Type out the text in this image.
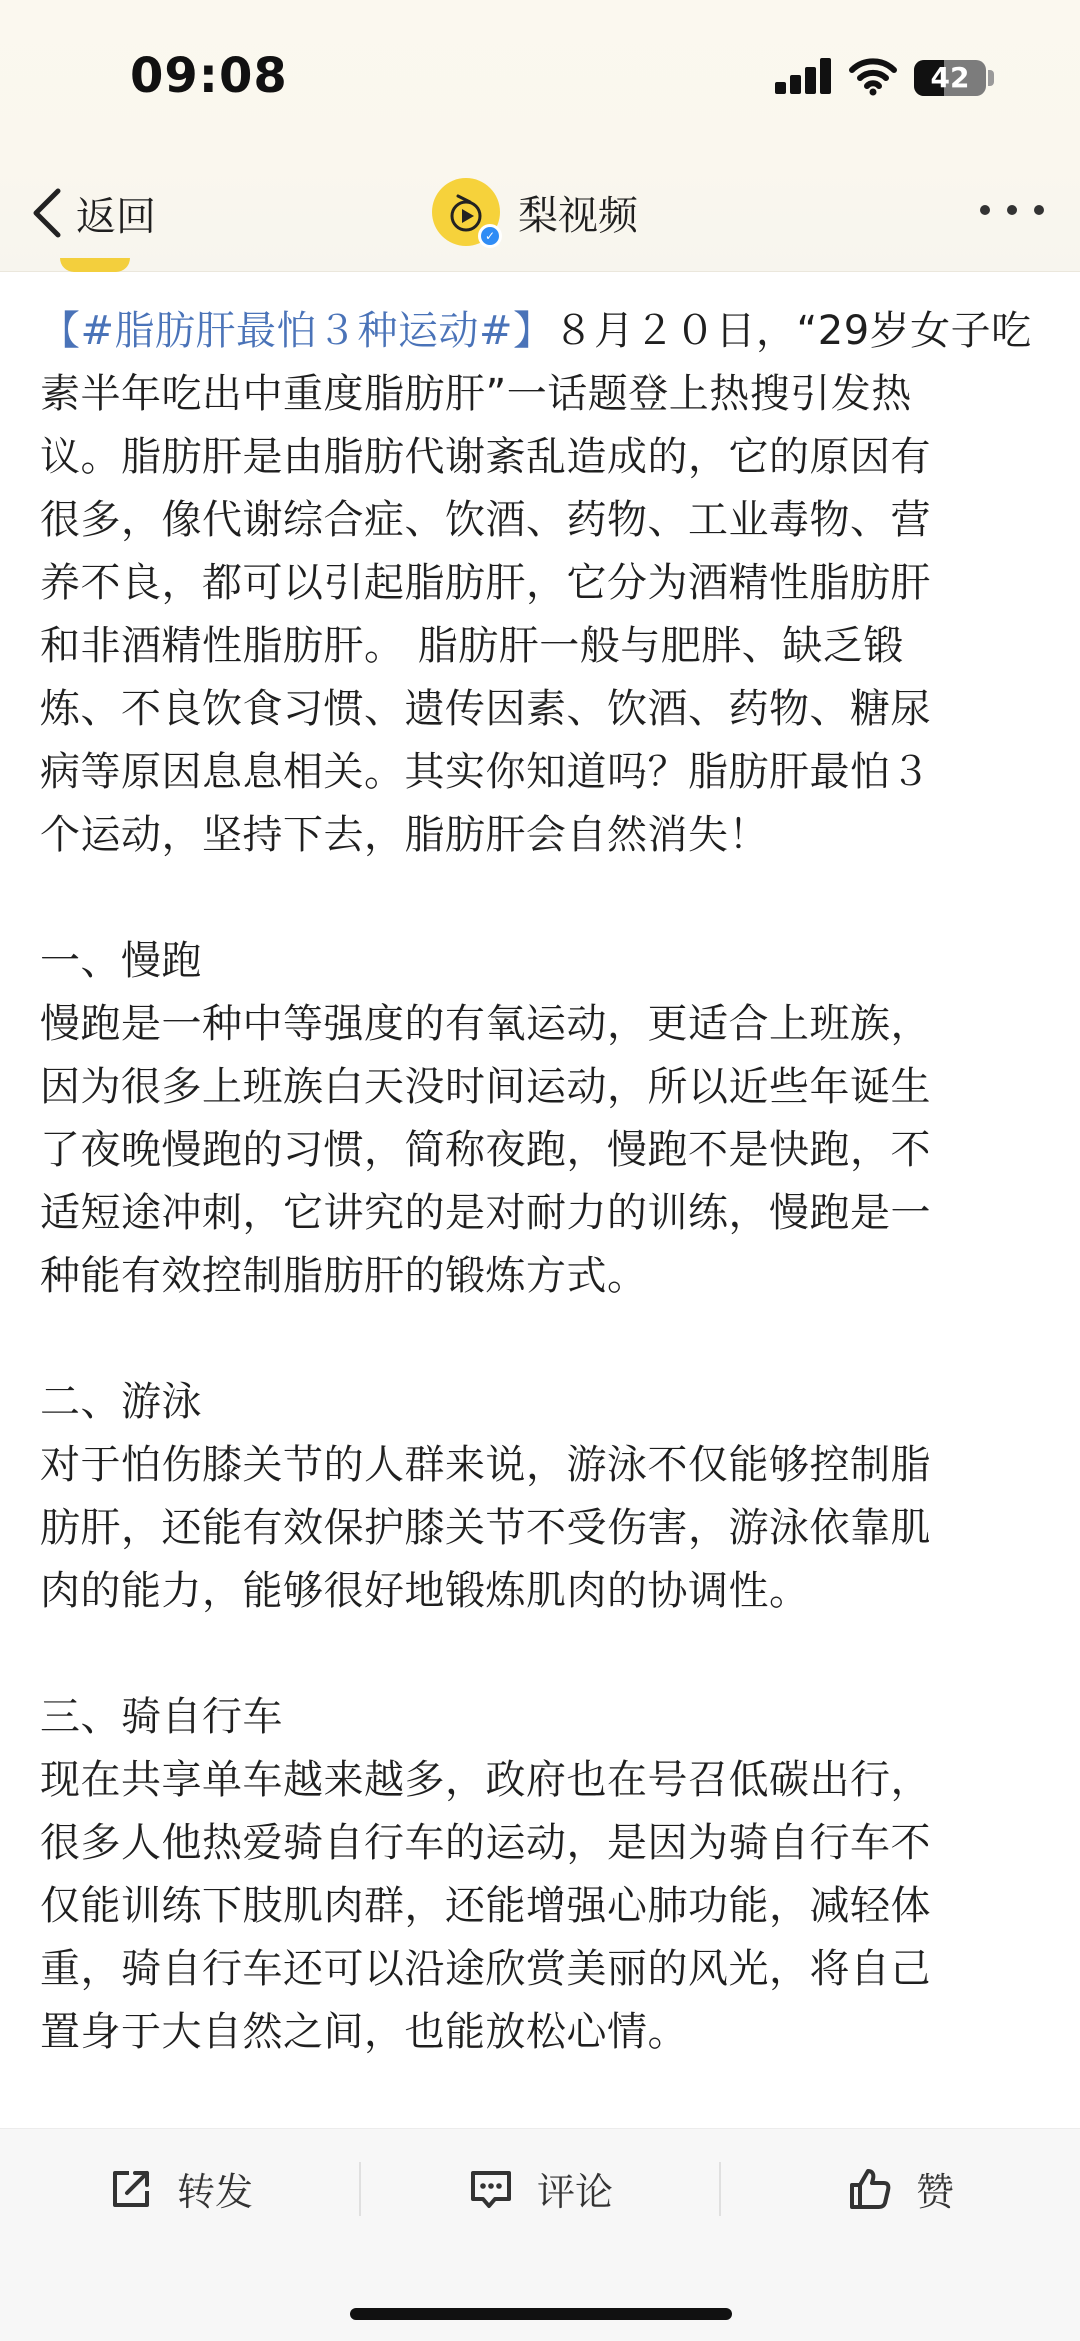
09:08	42
返回	✓ 梨视频
【#脂肪肝最怕３种运动#】８月２０日，“29岁女子吃
素半年吃出中重度脂肪肝”一话题登上热搜引发热
议。脂肪肝是由脂肪代谢紊乱造成的，它的原因有
很多，像代谢综合症、饮酒、药物、工业毒物、营
养不良，都可以引起脂肪肝，它分为酒精性脂肪肝
和非酒精性脂肪肝。 脂肪肝一般与肥胖、缺乏锻
炼、不良饮食习惯、遗传因素、饮酒、药物、糖尿
病等原因息息相关。其实你知道吗？脂肪肝最怕３
个运动，坚持下去，脂肪肝会自然消失！
一、慢跑
慢跑是一种中等强度的有氧运动，更适合上班族，
因为很多上班族白天没时间运动，所以近些年诞生
了夜晚慢跑的习惯，简称夜跑，慢跑不是快跑，不
适短途冲刺，它讲究的是对耐力的训练，慢跑是一
种能有效控制脂肪肝的锻炼方式。
二、游泳
对于怕伤膝关节的人群来说，游泳不仅能够控制脂
肪肝，还能有效保护膝关节不受伤害，游泳依靠肌
肉的能力，能够很好地锻炼肌肉的协调性。
三、骑自行车
现在共享单车越来越多，政府也在号召低碳出行，
很多人他热爱骑自行车的运动，是因为骑自行车不
仅能训练下肢肌肉群，还能增强心肺功能，减轻体
重，骑自行车还可以沿途欣赏美丽的风光，将自己
置身于大自然之间，也能放松心情。
转发	评论	赞
